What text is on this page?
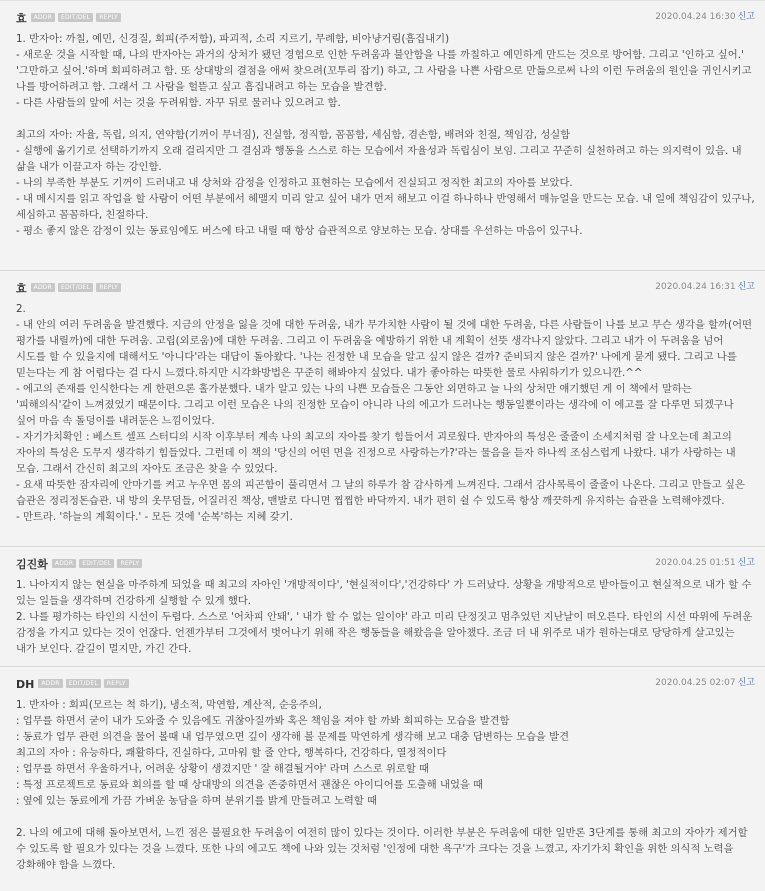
효 ADDR EDIT/DEL REPLY	2020.04.24 16:30 신고
1. 반자아: 까칠, 예민, 신경질, 회피(주저함), 파괴적, 소리 지르기, 무례함, 비아냥거림(흠집내기)
- 새로운 것을 시작할 때, 나의 반자아는 과거의 상처가 됐던 경험으로 인한 두려움과 불안함을 나를 까칠하고 예민하게 만드는 것으로 방어함. 그리고 '인하고 싶어.' '그만하고 싶어.'하며 회피하려고 함. 또 상대방의 결점을 애써 찾으려(꼬투리 잡기) 하고, 그 사람을 나쁜 사람으로 만듦으로써 나의 이런 두려움의 원인을 귀인시키고 나를 방어하려고 함. 그래서 그 사람을 헐뜯고 싶고 흠집내려고 하는 모습을 발견함.
- 다른 사람들의 앞에 서는 것을 두려워함. 자꾸 뒤로 물러나 있으려고 함.
최고의 자아: 자율, 독립, 의지, 연약함(기꺼이 무너짐), 진실함, 정직함, 꼼꼼함, 세심함, 겸손함, 배려와 친절, 책임감, 성실함
- 실행에 옮기기로 선택하기까지 오래 걸리지만 그 결심과 행동을 스스로 하는 모습에서 자율성과 독립심이 보임. 그리고 꾸준히 실천하려고 하는 의지력이 있음. 내 삶을 내가 이끌고자 하는 강인함.
- 나의 부족한 부분도 기꺼이 드러내고 내 상처와 감정을 인정하고 표현하는 모습에서 진실되고 정직한 최고의 자아를 보았다.
- 내 메시지를 읽고 작업을 할 사람이 어떤 부분에서 헤맬지 미리 알고 싶어 내가 먼저 해보고 이걸 하나하나 반영해서 매뉴얼을 만드는 모습. 내 일에 책임감이 있구나, 세심하고 꼼꼼하다, 친절하다.
- 평소 좋지 않은 감정이 있는 동료임에도 버스에 타고 내릴 때 항상 습관적으로 양보하는 모습. 상대를 우선하는 마음이 있구나.
효 ADDR EDIT/DEL REPLY	2020.04.24 16:31 신고
2.
- 내 안의 여러 두려움을 발견했다. 지금의 안정을 잃을 것에 대한 두려움, 내가 무가치한 사람이 될 것에 대한 두려움, 다른 사람들이 나를 보고 무슨 생각을 할까(어떤 평가를 내릴까)에 대한 두려움. 고립(외로움)에 대한 두려움. 그리고 이 두려움을 예방하기 위한 내 계획이 선뜻 생각나지 않았다. 그리고 내가 이 두려움을 넘어 시도를 할 수 있을지에 대해서도 '아니다'라는 대답이 돌아왔다. '나는 진정한 내 모습을 알고 싶지 않은 걸까? 준비되지 않은 걸까?' 나에게 묻게 됐다. 그리고 나를 믿는다는 게 참 어렵다는 걸 다시 느꼈다.하지만 시각화방법은 꾸준히 해봐야지 싶었다. 내가 좋아하는 따뜻한 물로 샤워하기가 있으니깐.^^
- 에고의 존재를 인식한다는 게 한편으론 홀가분했다. 내가 알고 있는 나의 나쁜 모습들은 그동안 외면하고 늘 나의 상처만 얘기했던 게 이 책에서 말하는 '피해의식'같이 느껴졌었기 때문이다. 그리고 이런 모습은 나의 진정한 모습이 아니라 나의 에고가 드러나는 행동일뿐이라는 생각에 이 에고를 잘 다루면 되겠구나 싶어 마음 속 돌덩이를 내려둔은 느낌이었다.
- 자기가치확인 : 베스트 셀프 스터디의 시작 이후부터 계속 나의 최고의 자아를 찾기 힘들어서 괴로웠다. 반자아의 특성은 줄줄이 소세지처럼 잘 나오는데 최고의 자아의 특성은 도무지 생각하기 힘들었다. 그런데 이 책의 '당신의 어떤 면을 진정으로 사랑하는가?'라는 물음을 듣자 하나씩 조심스럽게 나왔다. 내가 사랑하는 내 모습. 그래서 간신히 최고의 자아도 조금은 찾을 수 있었다.
- 요새 따뜻한 잠자리에 안마기를 켜고 누우면 몸의 피곤함이 풀리면서 그 날의 하루가 참 감사하게 느껴진다. 그래서 감사목록이 줄줄이 나온다. 그리고 만들고 싶은 습관은 정리정돈습관. 내 방의 옷무덤들, 어질러진 책상, 맨발로 다니면 찝찝한 바닥까지. 내가 편히 쉴 수 있도록 항상 깨끗하게 유지하는 습관을 노력해야겠다.
- 만트라. '하늘의 계획이다.' - 모든 것에 '순복'하는 지혜 갖기.
김진화 ADDR EDIT/DEL REPLY	2020.04.25 01:51 신고
1. 나아지지 않는 현실을 마주하게 되었을 때 최고의 자아인 '개방적이다', '현실적이다','건강하다' 가 드러났다. 상황을 개방적으로 받아들이고 현실적으로 내가 할 수 있는 일들을 생각하며 건강하게 실행할 수 있게 했다.
2. 나를 평가하는 타인의 시선이 두렵다. 스스로 '어차피 안돼', ' 내가 할 수 없는 일이야' 라고 미리 단정짓고 멈추었던 지난날이 떠오른다. 타인의 시선 따위에 두려운 감정을 가지고 있다는 것이 언잖다. 언젠가부터 그것에서 벗어나기 위해 작은 행동들을 해왔음을 알아챘다. 조금 더 내 위주로 내가 원하는대로 당당하게 살고있는 내가 보인다. 갈길이 멀지만, 가긴 간다.
DH ADDR EDIT/DEL REPLY	2020.04.25 02:07 신고
1. 반자아 : 회피(모르는 척 하기), 냉소적, 막연함, 계산적, 순응주의,
: 업무를 하면서 굳이 내가 도와줄 수 있음에도 귀찮아질까봐 혹은 책임을 져야 할 까봐 회피하는 모습을 발견함
: 동료가 업무 관련 의견을 물어 볼때 내 업무였으면 깊이 생각해 볼 문제를 막연하게 생각해 보고 대충 답변하는 모습을 발견
최고의 자아 : 유능하다, 쾌활하다, 진실하다, 고마워 할 줄 안다, 행복하다, 건강하다, 열정적이다
: 업무를 하면서 우울하거나, 어려운 상황이 생겼지만 ' 잘 해결될거야' 라며 스스로 위로할 때
: 특정 프로젝트로 동료와 회의를 할 때 상대방의 의견을 존중하면서 괜찮은 아이디어를 도출해 내었을 때
: 옆에 있는 동료에게 가끔 가벼운 농담을 하며 분위기를 밝게 만들려고 노력할 때
2. 나의 에고에 대해 돌아보면서, 느낀 점은 불필요한 두려움이 여전히 많이 있다는 것이다. 이러한 부분은 두려움에 대한 일반론 3단계를 통해 최고의 자아가 제거할 수 있도록 할 필요가 있다는 것을 느꼈다. 또한 나의 에고도 책에 나와 있는 것처럼 '인정에 대한 욕구'가 크다는 것을 느꼈고, 자기가치 확인을 위한 의식적 노력을 강화해야 함을 느꼈다.
